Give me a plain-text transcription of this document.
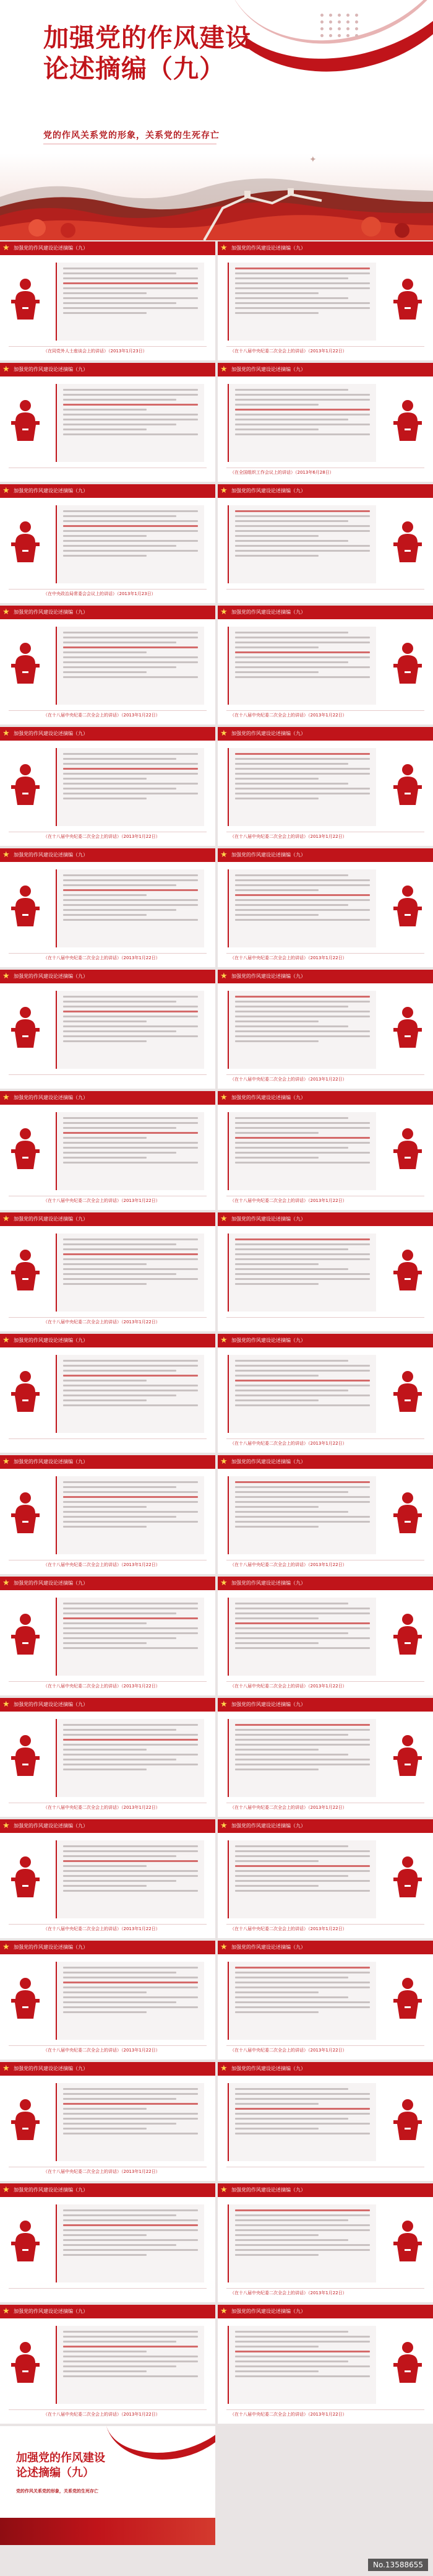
加强党的作风建设
论述摘编（九）
党的作风关系党的形象，关系党的生死存亡
✦
★ 加强党的作风建设论述摘编（九）
（在同党外人士座谈会上的讲话）（2013年1月23日）
★ 加强党的作风建设论述摘编（九）
（在十八届中央纪委二次全会上的讲话）（2013年1月22日）
★ 加强党的作风建设论述摘编（九）	★ 加强党的作风建设论述摘编（九）
（在全国组织工作会议上的讲话）（2013年6月28日）
★ 加强党的作风建设论述摘编（九）
（在中央政治局常委会会议上的讲话）（2013年1月23日）
★ 加强党的作风建设论述摘编（九）
★ 加强党的作风建设论述摘编（九）
（在十八届中央纪委二次全会上的讲话）（2013年1月22日）
★ 加强党的作风建设论述摘编（九）
（在十八届中央纪委二次全会上的讲话）（2013年1月22日）
★ 加强党的作风建设论述摘编（九）
（在十八届中央纪委二次全会上的讲话）（2013年1月22日）
★ 加强党的作风建设论述摘编（九）
（在十八届中央纪委二次全会上的讲话）（2013年1月22日）
★ 加强党的作风建设论述摘编（九）
（在十八届中央纪委二次全会上的讲话）（2013年1月22日）
★ 加强党的作风建设论述摘编（九）
（在十八届中央纪委二次全会上的讲话）（2013年1月22日）
★ 加强党的作风建设论述摘编（九）	★ 加强党的作风建设论述摘编（九）
（在十八届中央纪委二次全会上的讲话）（2013年1月22日）
★ 加强党的作风建设论述摘编（九）
（在十八届中央纪委二次全会上的讲话）（2013年1月22日）
★ 加强党的作风建设论述摘编（九）
（在十八届中央纪委二次全会上的讲话）（2013年1月22日）
★ 加强党的作风建设论述摘编（九）
（在十八届中央纪委二次全会上的讲话）（2013年1月22日）
★ 加强党的作风建设论述摘编（九）
★ 加强党的作风建设论述摘编（九）	★ 加强党的作风建设论述摘编（九）
（在十八届中央纪委二次全会上的讲话）（2013年1月22日）
★ 加强党的作风建设论述摘编（九）
（在十八届中央纪委二次全会上的讲话）（2013年1月22日）
★ 加强党的作风建设论述摘编（九）
（在十八届中央纪委二次全会上的讲话）（2013年1月22日）
★ 加强党的作风建设论述摘编（九）
（在十八届中央纪委二次全会上的讲话）（2013年1月22日）
★ 加强党的作风建设论述摘编（九）
（在十八届中央纪委二次全会上的讲话）（2013年1月22日）
★ 加强党的作风建设论述摘编（九）
（在十八届中央纪委二次全会上的讲话）（2013年1月22日）
★ 加强党的作风建设论述摘编（九）
（在十八届中央纪委二次全会上的讲话）（2013年1月22日）
★ 加强党的作风建设论述摘编（九）
（在十八届中央纪委二次全会上的讲话）（2013年1月22日）
★ 加强党的作风建设论述摘编（九）
（在十八届中央纪委二次全会上的讲话）（2013年1月22日）
★ 加强党的作风建设论述摘编（九）
（在十八届中央纪委二次全会上的讲话）（2013年1月22日）
★ 加强党的作风建设论述摘编（九）
（在十八届中央纪委二次全会上的讲话）（2013年1月22日）
★ 加强党的作风建设论述摘编（九）
（在十八届中央纪委二次全会上的讲话）（2013年1月22日）
★ 加强党的作风建设论述摘编（九）
★ 加强党的作风建设论述摘编（九）	★ 加强党的作风建设论述摘编（九）
（在十八届中央纪委二次全会上的讲话）（2013年1月22日）
★ 加强党的作风建设论述摘编（九）
（在十八届中央纪委二次全会上的讲话）（2013年1月22日）
★ 加强党的作风建设论述摘编（九）
（在十八届中央纪委二次全会上的讲话）（2013年1月22日）
加强党的作风建设
论述摘编（九）
党的作风关系党的形象，关系党的生死存亡
No.13588655
